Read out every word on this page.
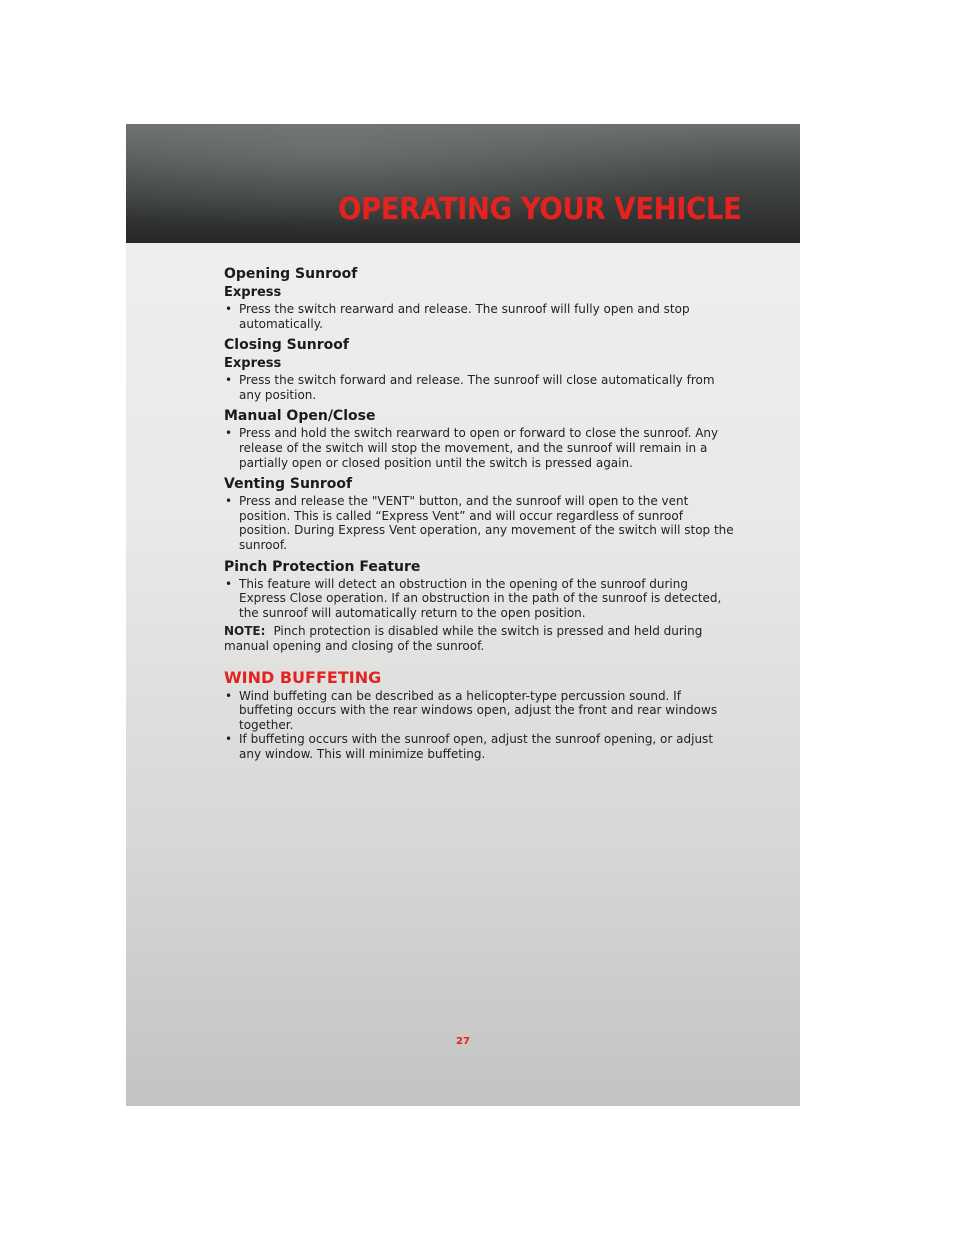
OPERATING YOUR VEHICLE
Opening Sunroof
Express
• Press the switch rearward and release. The sunroof will fully open and stop automatically.
Closing Sunroof
Express
• Press the switch forward and release. The sunroof will close automatically from any position.
Manual Open/Close
• Press and hold the switch rearward to open or forward to close the sunroof. Any release of the switch will stop the movement, and the sunroof will remain in a partially open or closed position until the switch is pressed again.
Venting Sunroof
• Press and release the "VENT" button, and the sunroof will open to the vent position. This is called “Express Vent” and will occur regardless of sunroof position. During Express Vent operation, any movement of the switch will stop the sunroof.
Pinch Protection Feature
• This feature will detect an obstruction in the opening of the sunroof during Express Close operation. If an obstruction in the path of the sunroof is detected, the sunroof will automatically return to the open position.

NOTE: Pinch protection is disabled while the switch is pressed and held during manual opening and closing of the sunroof.

WIND BUFFETING
• Wind buffeting can be described as a helicopter-type percussion sound. If buffeting occurs with the rear windows open, adjust the front and rear windows together.
• If buffeting occurs with the sunroof open, adjust the sunroof opening, or adjust any window. This will minimize buffeting.
27
